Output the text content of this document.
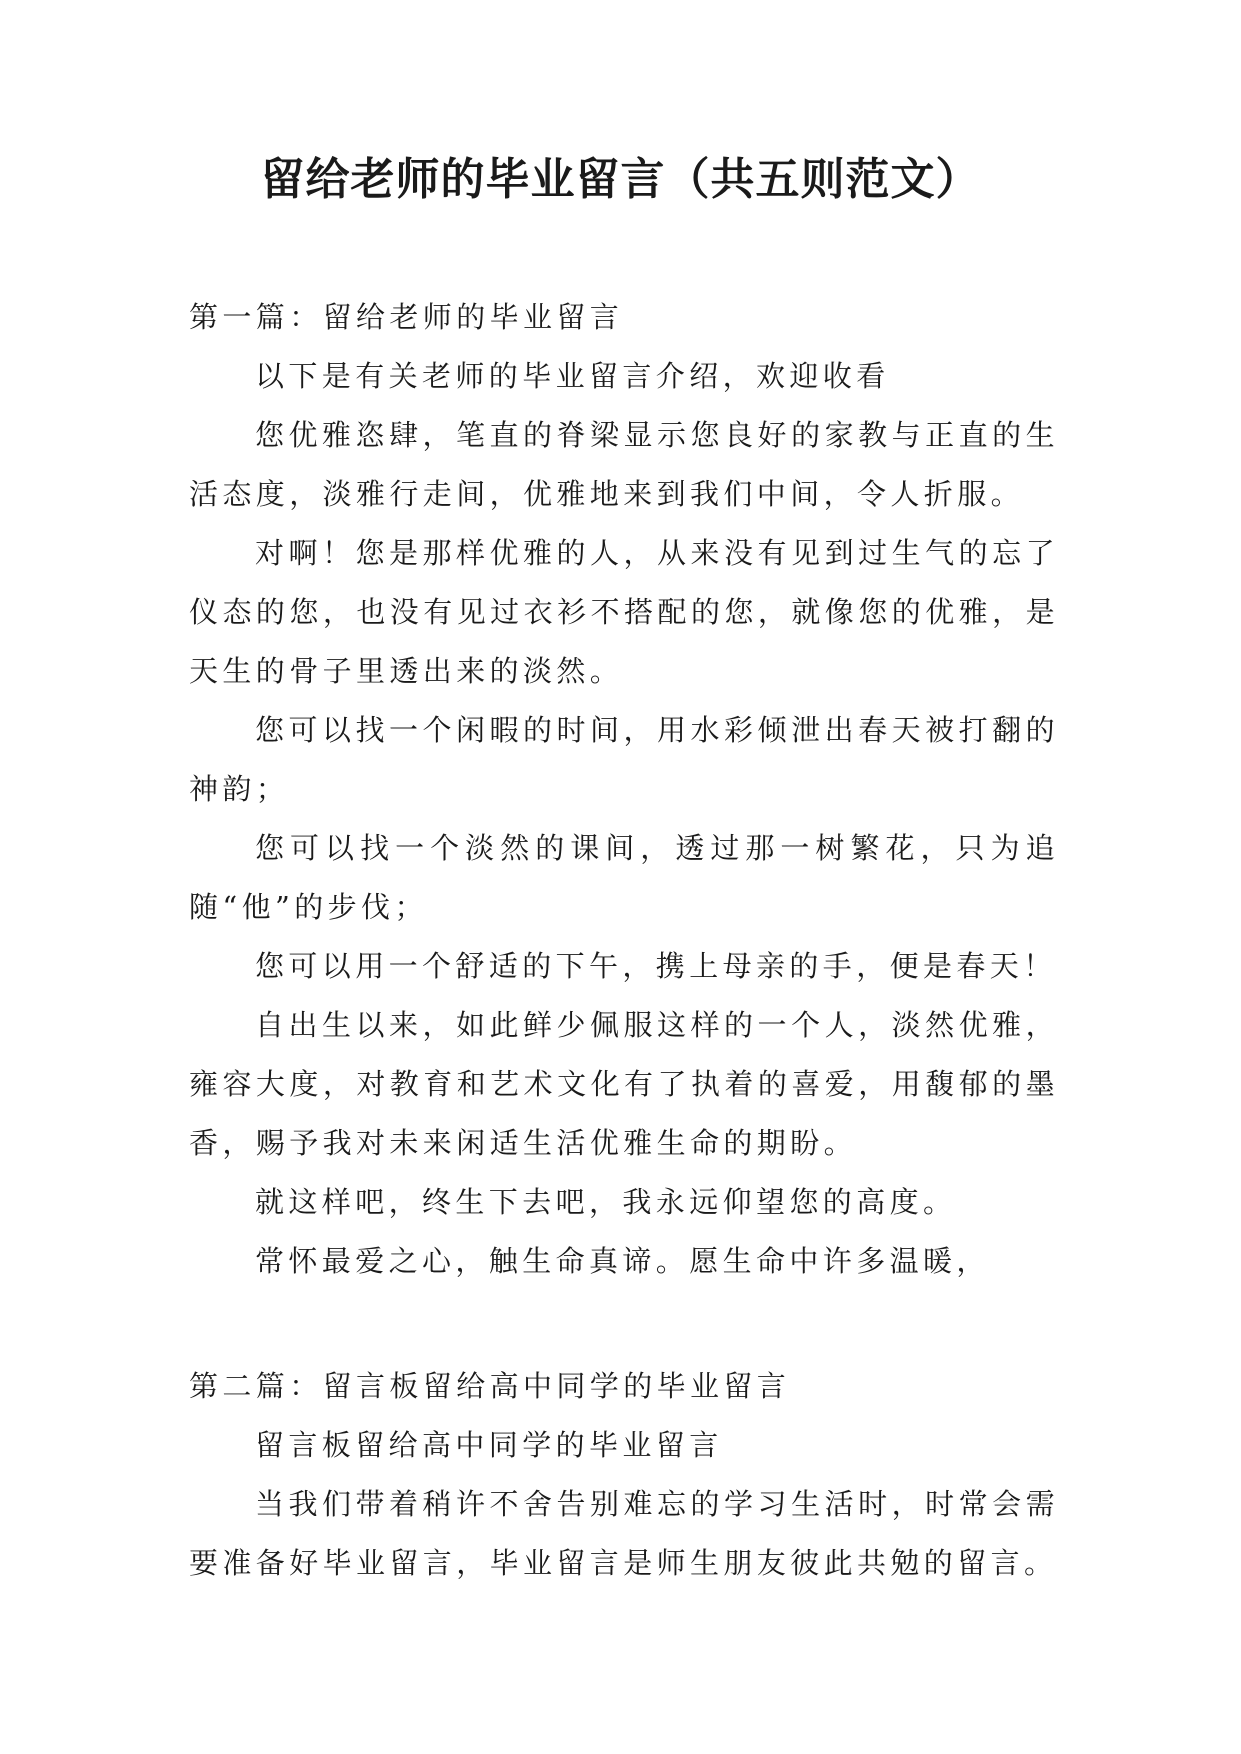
留给老师的毕业留言（共五则范文）

第一篇：留给老师的毕业留言

以下是有关老师的毕业留言介绍，欢迎收看

您优雅恣肆，笔直的脊梁显示您良好的家教与正直的生活态度，淡雅行走间，优雅地来到我们中间，令人折服。

对啊！您是那样优雅的人，从来没有见到过生气的忘了仪态的您，也没有见过衣衫不搭配的您，就像您的优雅，是天生的骨子里透出来的淡然。

您可以找一个闲暇的时间，用水彩倾泄出春天被打翻的神韵；

您可以找一个淡然的课间，透过那一树繁花，只为追随“他”的步伐；

您可以用一个舒适的下午，携上母亲的手，便是春天！

自出生以来，如此鲜少佩服这样的一个人，淡然优雅，雍容大度，对教育和艺术文化有了执着的喜爱，用馥郁的墨香，赐予我对未来闲适生活优雅生命的期盼。

就这样吧，终生下去吧，我永远仰望您的高度。

常怀最爱之心，触生命真谛。愿生命中许多温暖，

第二篇：留言板留给高中同学的毕业留言

留言板留给高中同学的毕业留言

当我们带着稍许不舍告别难忘的学习生活时，时常会需要准备好毕业留言，毕业留言是师生朋友彼此共勉的留言。
